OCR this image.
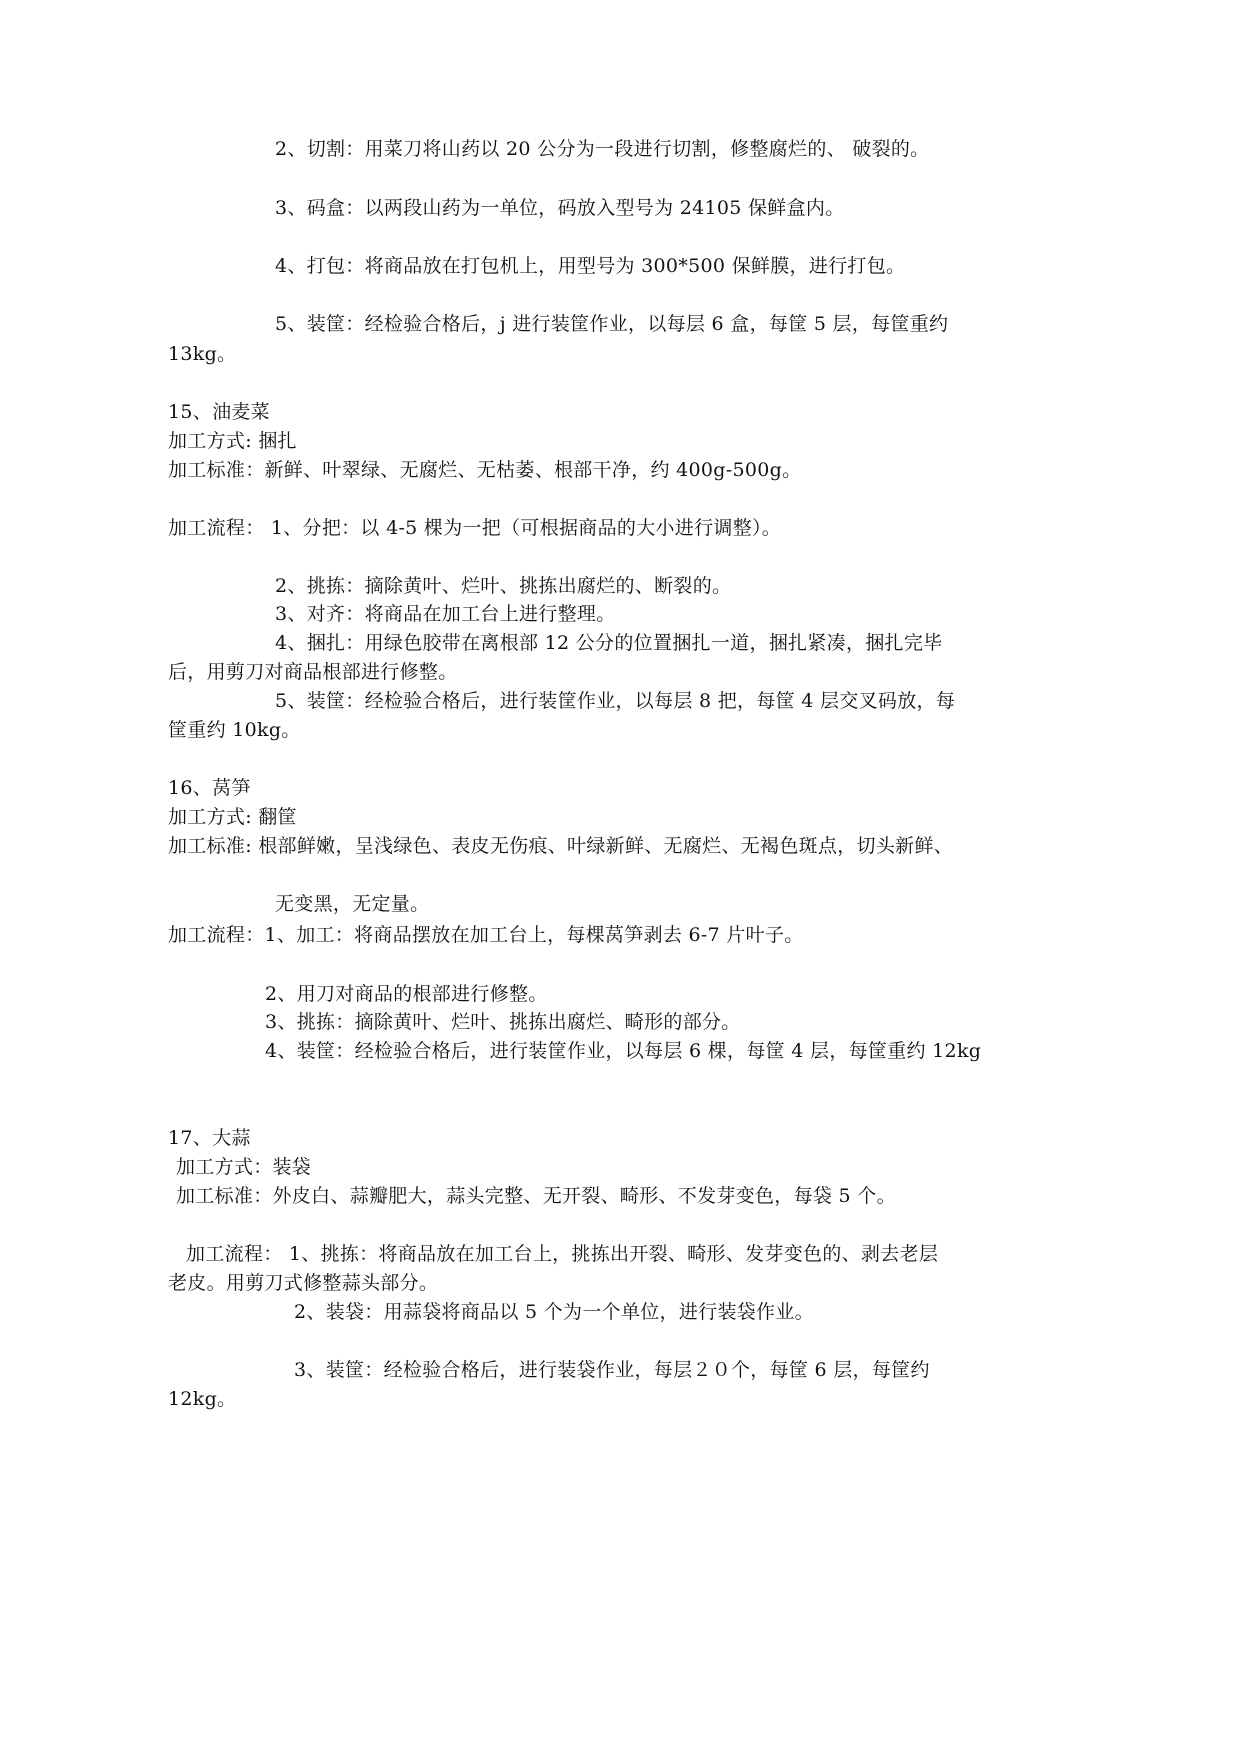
2、切割：用菜刀将山药以 20 公分为一段进行切割，修整腐烂的、 破裂的。
3、码盒：以两段山药为一单位，码放入型号为 24105 保鲜盒内。
4、打包：将商品放在打包机上，用型号为 300*500 保鲜膜，进行打包。
5、装筐：经检验合格后，j 进行装筐作业，以每层 6 盒，每筐 5 层，每筐重约
13kg。
15、油麦菜
加工方式: 捆扎
加工标准：新鲜、叶翠绿、无腐烂、无枯萎、根部干净，约 400g-500g。
加工流程： 1、分把：以 4-5 棵为一把（可根据商品的大小进行调整）。
2、挑拣：摘除黄叶、烂叶、挑拣出腐烂的、断裂的。
3、对齐：将商品在加工台上进行整理。
4、捆扎：用绿色胶带在离根部 12 公分的位置捆扎一道，捆扎紧凑，捆扎完毕
后，用剪刀对商品根部进行修整。
5、装筐：经检验合格后，进行装筐作业，以每层 8 把，每筐 4 层交叉码放，每
筐重约 10kg。
16、莴笋
加工方式: 翻筐
加工标准: 根部鲜嫩，呈浅绿色、表皮无伤痕、叶绿新鲜、无腐烂、无褐色斑点，切头新鲜、
无变黑，无定量。
加工流程：1、加工：将商品摆放在加工台上，每棵莴笋剥去 6-7 片叶子。
2、用刀对商品的根部进行修整。
3、挑拣：摘除黄叶、烂叶、挑拣出腐烂、畸形的部分。
4、装筐：经检验合格后，进行装筐作业，以每层 6 棵，每筐 4 层，每筐重约 12kg
17、大蒜
加工方式：装袋
加工标准：外皮白、蒜瓣肥大，蒜头完整、无开裂、畸形、不发芽变色，每袋 5 个。
加工流程： 1、挑拣：将商品放在加工台上，挑拣出开裂、畸形、发芽变色的、剥去老层
老皮。用剪刀式修整蒜头部分。
2、装袋：用蒜袋将商品以 5 个为一个单位，进行装袋作业。
3、装筐：经检验合格后，进行装袋作业，每层２０个，每筐 6 层，每筐约
12kg。
